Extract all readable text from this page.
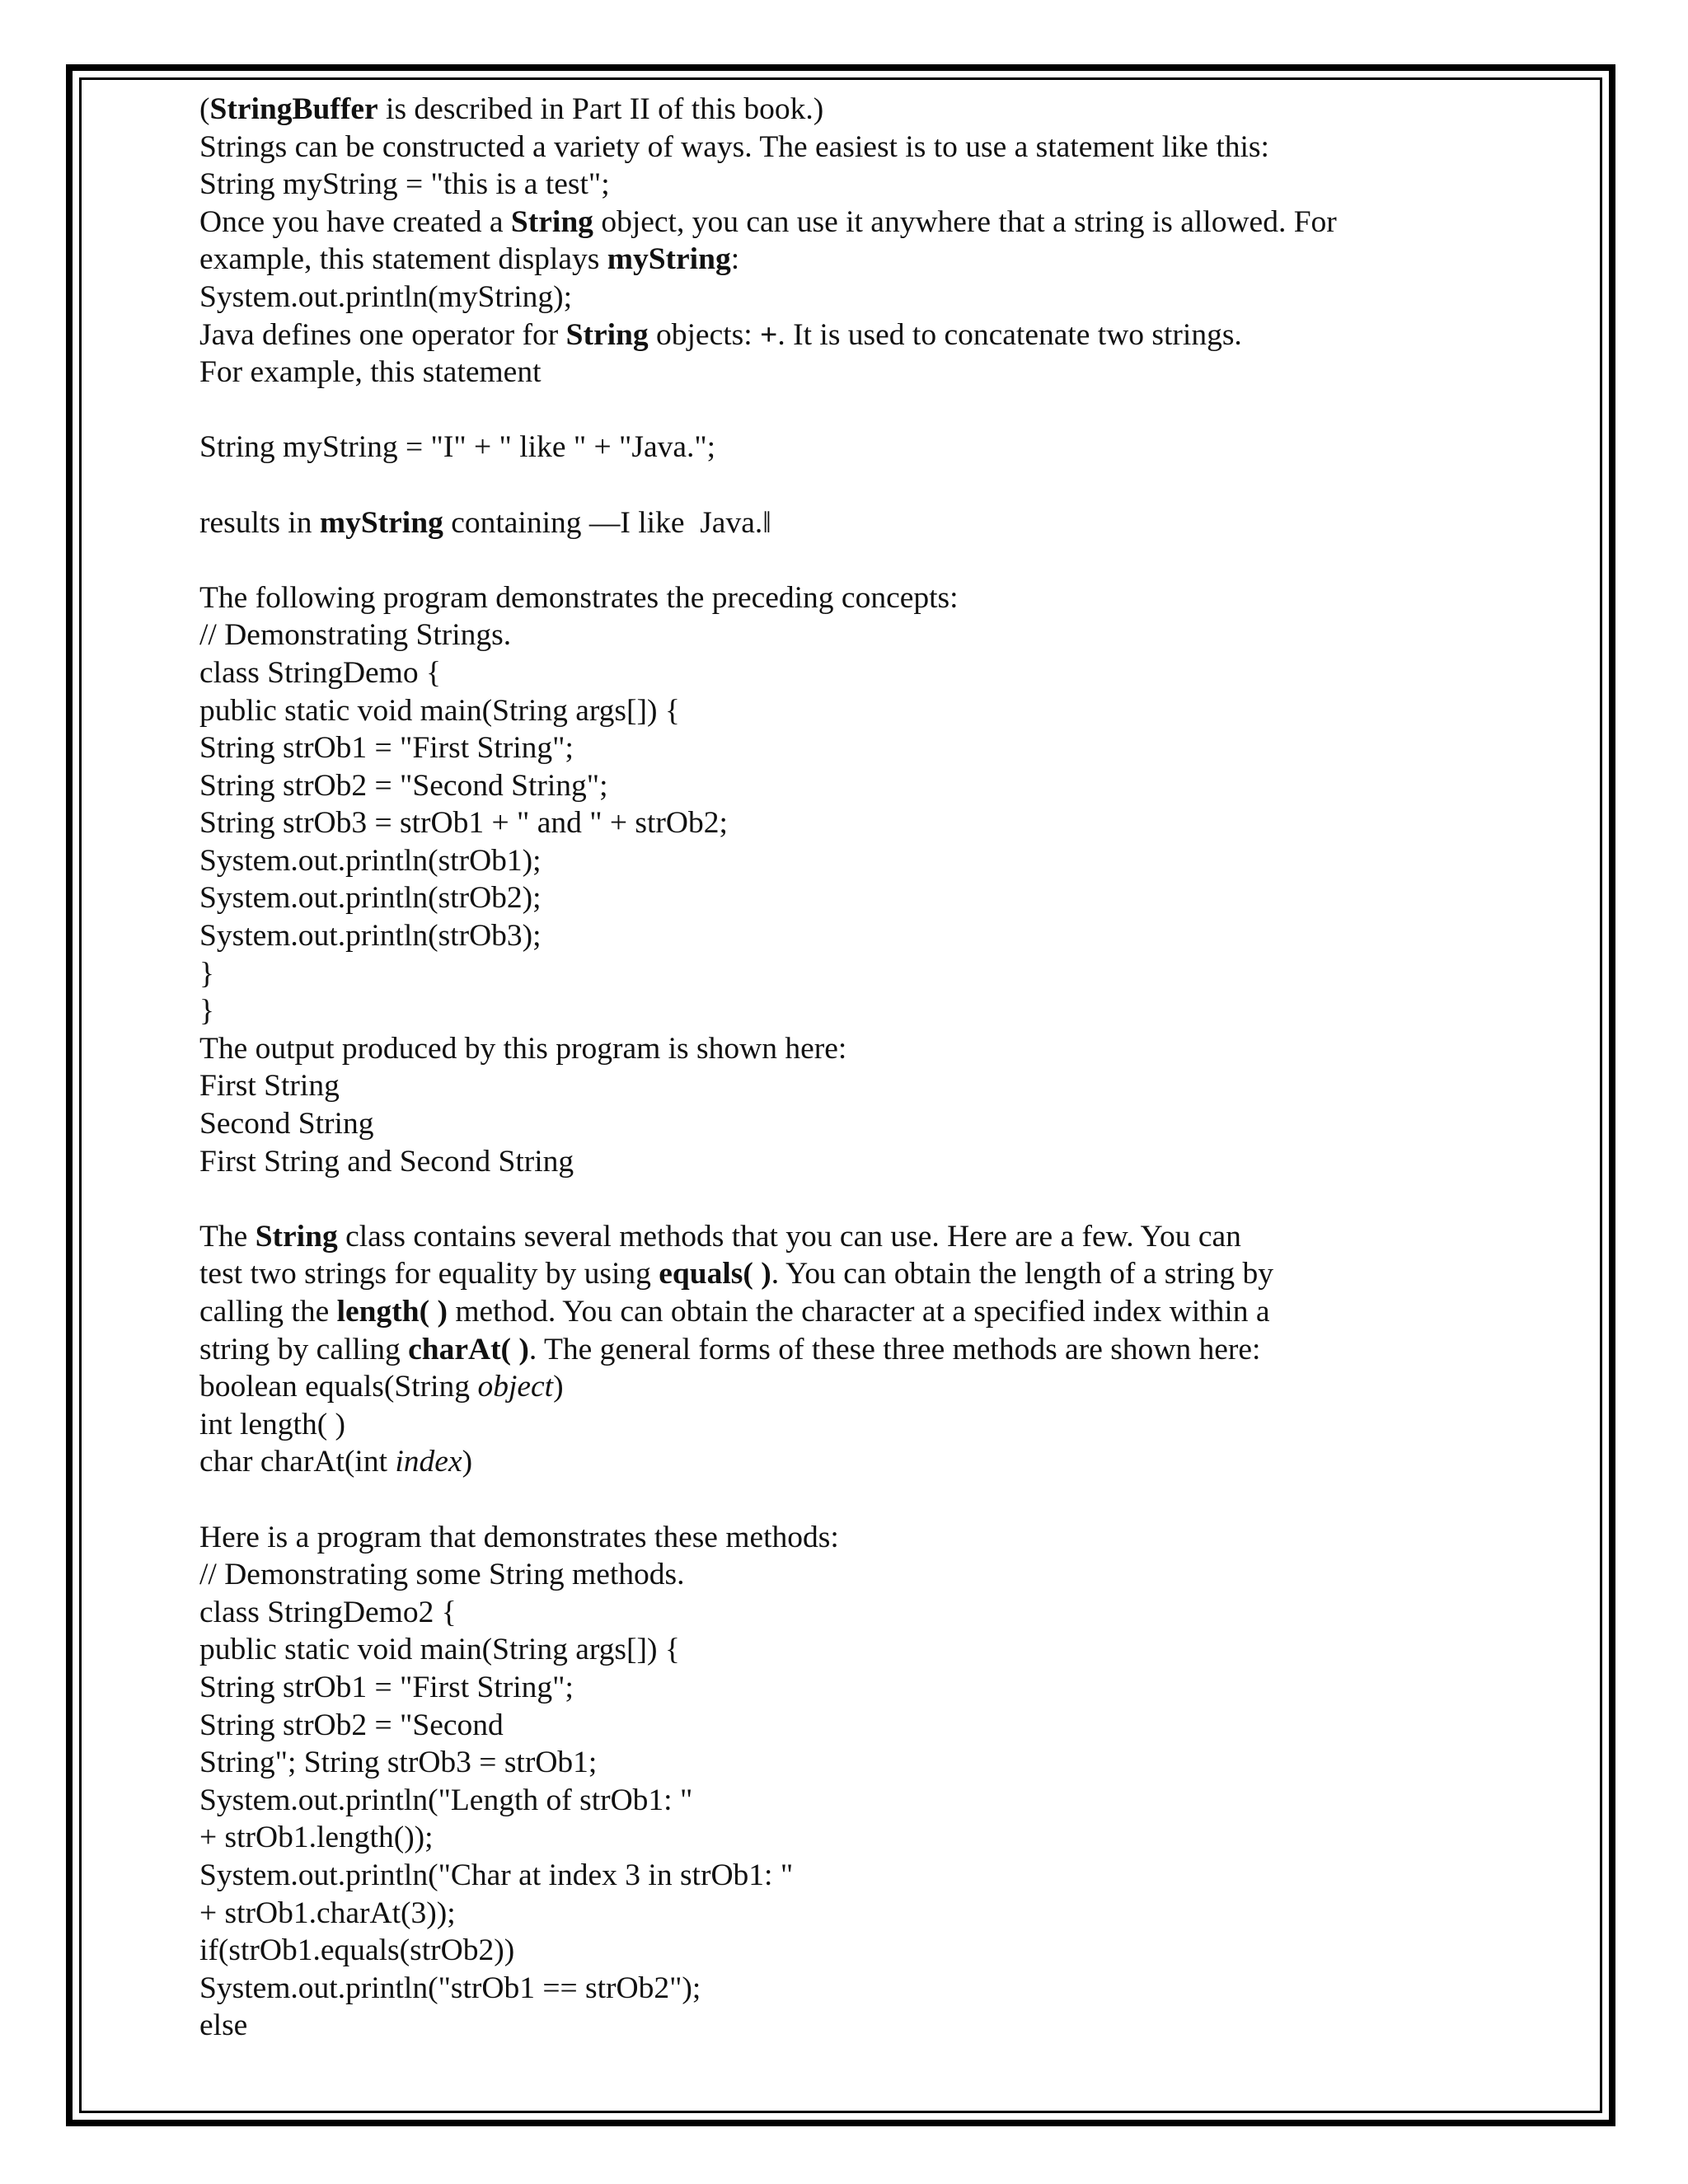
(StringBuffer is described in Part II of this book.)
Strings can be constructed a variety of ways. The easiest is to use a statement like this:
String myString = "this is a test";
Once you have created a String object, you can use it anywhere that a string is allowed. For
example, this statement displays myString:
System.out.println(myString);
Java defines one operator for String objects: +. It is used to concatenate two strings.
For example, this statement
String myString = "I" + " like " + "Java.";
results in myString containing —I like  Java.‖
The following program demonstrates the preceding concepts:
// Demonstrating Strings.
class StringDemo {
public static void main(String args[]) {
String strOb1 = "First String";
String strOb2 = "Second String";
String strOb3 = strOb1 + " and " + strOb2;
System.out.println(strOb1);
System.out.println(strOb2);
System.out.println(strOb3);
}
}
The output produced by this program is shown here:
First String
Second String
First String and Second String
The String class contains several methods that you can use. Here are a few. You can
test two strings for equality by using equals( ). You can obtain the length of a string by
calling the length( ) method. You can obtain the character at a specified index within a
string by calling charAt( ). The general forms of these three methods are shown here:
boolean equals(String object)
int length( )
char charAt(int index)
Here is a program that demonstrates these methods:
// Demonstrating some String methods.
class StringDemo2 {
public static void main(String args[]) {
String strOb1 = "First String";
String strOb2 = "Second
String"; String strOb3 = strOb1;
System.out.println("Length of strOb1: "
+ strOb1.length());
System.out.println("Char at index 3 in strOb1: "
+ strOb1.charAt(3));
if(strOb1.equals(strOb2))
System.out.println("strOb1 == strOb2");
else
